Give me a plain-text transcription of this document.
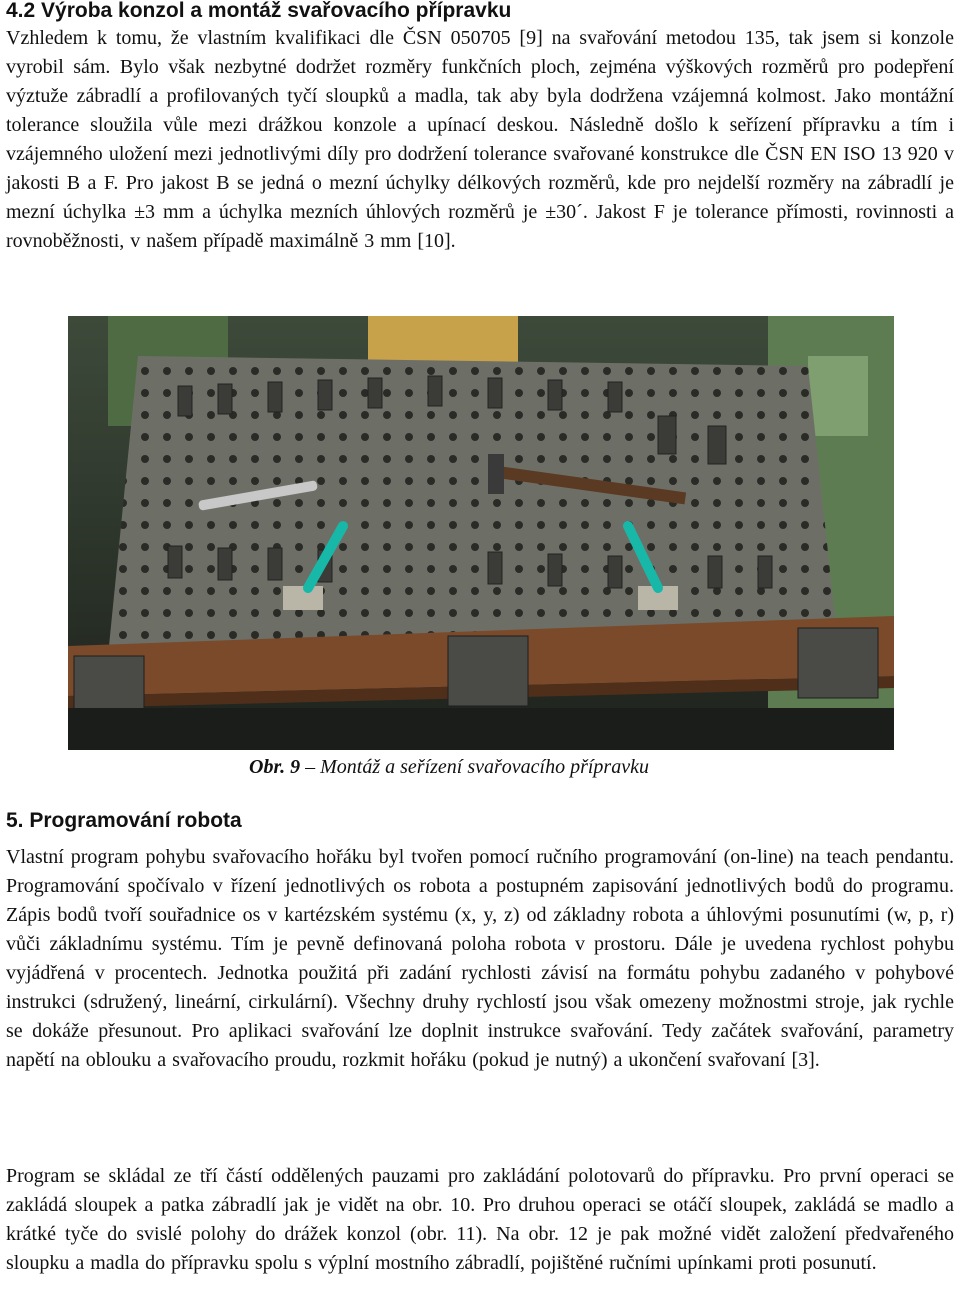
4.2 Výroba konzol a montáž svařovacího přípravku
Vzhledem k tomu, že vlastním kvalifikaci dle ČSN 050705 [9] na svařování metodou 135, tak jsem si konzole vyrobil sám. Bylo však nezbytné dodržet rozměry funkčních ploch, zejména výškových rozměrů pro podepření výztuže zábradlí a profilovaných tyčí sloupků a madla, tak aby byla dodržena vzájemná kolmost. Jako montážní tolerance sloužila vůle mezi drážkou konzole a upínací deskou. Následně došlo k seřízení přípravku a tím i vzájemného uložení mezi jednotlivými díly pro dodržení tolerance svařované konstrukce dle ČSN EN ISO 13 920 v jakosti B a F. Pro jakost B se jedná o mezní úchylky délkových rozměrů, kde pro nejdelší rozměry na zábradlí je mezní úchylka ±3 mm a úchylka mezních úhlových rozměrů je ±30´. Jakost F je tolerance přímosti, rovinnosti a rovnoběžnosti, v našem případě maximálně 3 mm [10].
Obr. 9 – Montáž a seřízení svařovacího přípravku
5. Programování robota
Vlastní program pohybu svařovacího hořáku byl tvořen pomocí ručního programování (on-line) na teach pendantu. Programování spočívalo v řízení jednotlivých os robota a postupném zapisování jednotlivých bodů do programu. Zápis bodů tvoří souřadnice os v kartézském systému (x, y, z) od základny robota a úhlovými posunutími (w, p, r) vůči základnímu systému. Tím je pevně definovaná poloha robota v prostoru. Dále je uvedena rychlost pohybu vyjádřená v procentech. Jednotka použitá při zadání rychlosti závisí na formátu pohybu zadaného v pohybové instrukci (sdružený, lineární, cirkulární). Všechny druhy rychlostí jsou však omezeny možnostmi stroje, jak rychle se dokáže přesunout. Pro aplikaci svařování lze doplnit instrukce svařování. Tedy začátek svařování, parametry napětí na oblouku a svařovacího proudu, rozkmit hořáku (pokud je nutný) a ukončení svařovaní [3].
Program se skládal ze tří částí oddělených pauzami pro zakládání polotovarů do přípravku. Pro první operaci se zakládá sloupek a patka zábradlí jak je vidět na obr. 10. Pro druhou operaci se otáčí sloupek, zakládá se madlo a krátké tyče do svislé polohy do drážek konzol (obr. 11). Na obr. 12 je pak možné vidět založení předvařeného sloupku a madla do přípravku spolu s výplní mostního zábradlí, pojištěné ručními upínkami proti posunutí.
